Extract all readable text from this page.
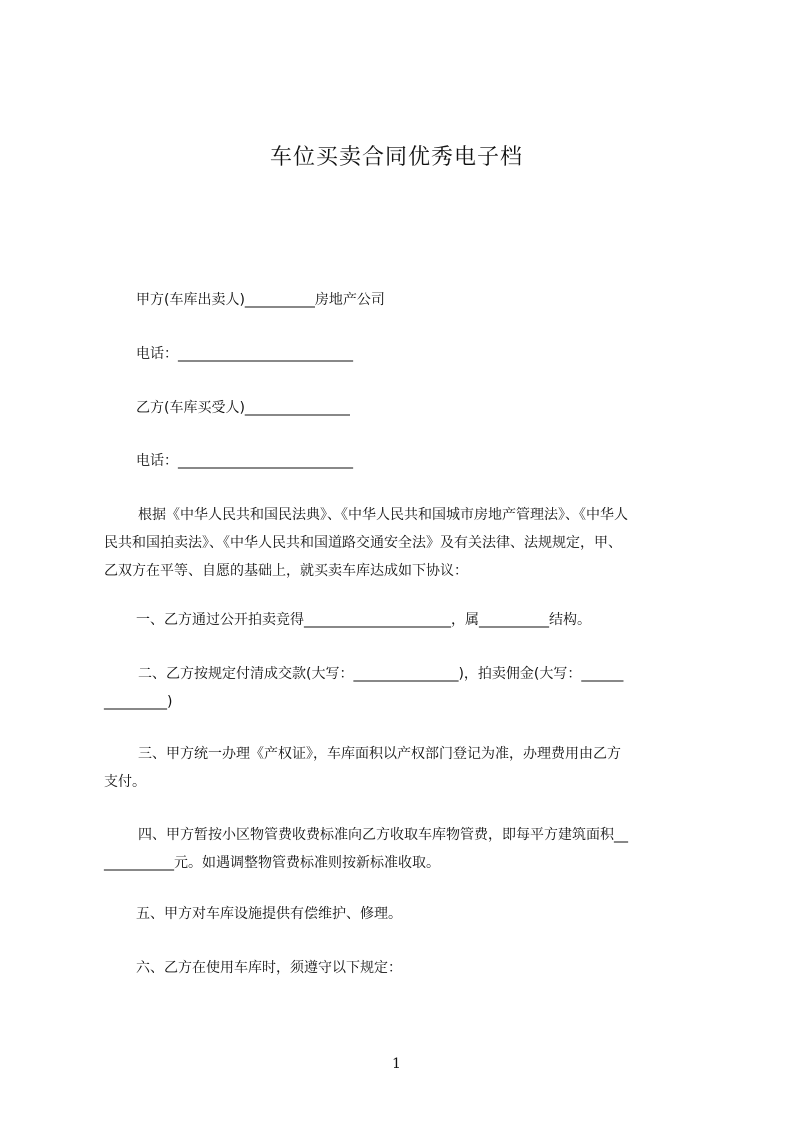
车位买卖合同优秀电子档
甲方(车库出卖人)__________房地产公司
电话：_________________________
乙方(车库买受人)_______________
电话：_________________________
根据《中华人民共和国民法典》、《中华人民共和国城市房地产管理法》、《中华人
民共和国拍卖法》、《中华人民共和国道路交通安全法》及有关法律、法规规定，甲、
乙双方在平等、自愿的基础上，就买卖车库达成如下协议：
一、乙方通过公开拍卖竞得_____________________，属__________结构。
二、乙方按规定付清成交款(大写：_______________)，拍卖佣金(大写：______
_________)
三、甲方统一办理《产权证》，车库面积以产权部门登记为准，办理费用由乙方
支付。
四、甲方暂按小区物管费收费标准向乙方收取车库物管费，即每平方建筑面积__
__________元。如遇调整物管费标准则按新标准收取。
五、甲方对车库设施提供有偿维护、修理。
六、乙方在使用车库时，须遵守以下规定：
1
